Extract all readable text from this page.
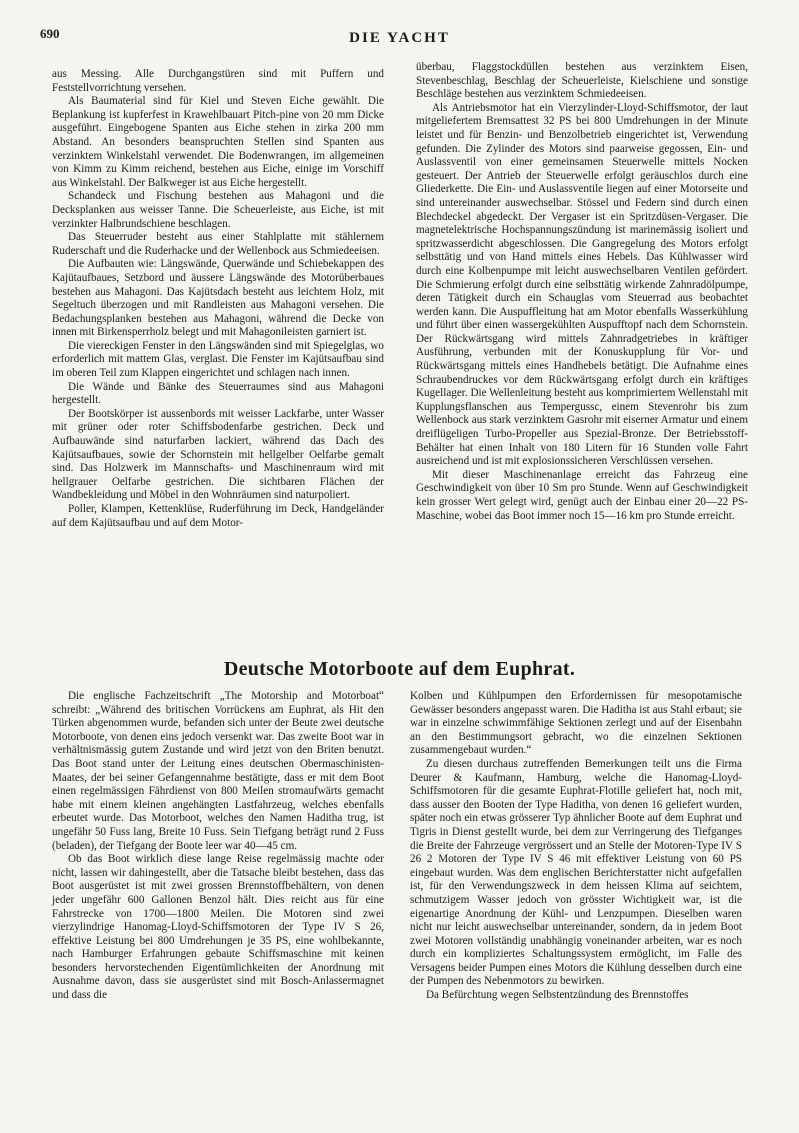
690	DIE YACHT

aus Messing. Alle Durchgangstüren sind mit Puffern und Feststellvorrichtung versehen.

Als Baumaterial sind für Kiel und Steven Eiche gewählt. Die Beplankung ist kupferfest in Krawehlbauart Pitch-pine von 20 mm Dicke ausgeführt. Eingebogene Spanten aus Eiche stehen in zirka 200 mm Abstand. An besonders beanspruchten Stellen sind Spanten aus verzinktem Winkelstahl verwendet. Die Bodenwrangen, im allgemeinen von Kimm zu Kimm reichend, bestehen aus Eiche, einige im Vorschiff aus Winkelstahl. Der Balkweger ist aus Eiche hergestellt.

Schandeck und Fischung bestehen aus Mahagoni und die Decksplanken aus weisser Tanne. Die Scheuerleiste, aus Eiche, ist mit verzinkter Halbrundschiene beschlagen.

Das Steuerruder besteht aus einer Stahlplatte mit stählernem Ruderschaft und die Ruderhacke und der Wellenbock aus Schmiedeeisen.

Die Aufbauten wie: Längswände, Querwände und Schiebekappen des Kajütaufbaues, Setzbord und äussere Längswände des Motorüberbaues bestehen aus Mahagoni. Das Kajütsdach besteht aus leichtem Holz, mit Segeltuch überzogen und mit Randleisten aus Mahagoni versehen. Die Bedachungsplanken bestehen aus Mahagoni, während die Decke von innen mit Birkensperrholz belegt und mit Mahagonileisten garniert ist.

Die viereckigen Fenster in den Längswänden sind mit Spiegelglas, wo erforderlich mit mattem Glas, verglast. Die Fenster im Kajütsaufbau sind im oberen Teil zum Klappen eingerichtet und schlagen nach innen.

Die Wände und Bänke des Steuerraumes sind aus Mahagoni hergestellt.

Der Bootskörper ist aussenbords mit weisser Lackfarbe, unter Wasser mit grüner oder roter Schiffsbodenfarbe gestrichen. Deck und Aufbauwände sind naturfarben lackiert, während das Dach des Kajütsaufbaues, sowie der Schornstein mit hellgelber Oelfarbe gemalt sind. Das Holzwerk im Mannschafts- und Maschinenraum wird mit hellgrauer Oelfarbe gestrichen. Die sichtbaren Flächen der Wandbekleidung und Möbel in den Wohnräumen sind naturpoliert.

Poller, Klampen, Kettenklüse, Ruderführung im Deck, Handgeländer auf dem Kajütsaufbau und auf dem Motor-

überbau, Flaggstockdüllen bestehen aus verzinktem Eisen, Stevenbeschlag, Beschlag der Scheuerleiste, Kielschiene und sonstige Beschläge bestehen aus verzinktem Schmiedeeisen.

Als Antriebsmotor hat ein Vierzylinder-Lloyd-Schiffsmotor, der laut mitgeliefertem Bremsattest 32 PS bei 800 Umdrehungen in der Minute leistet und für Benzin- und Benzolbetrieb eingerichtet ist, Verwendung gefunden. Die Zylinder des Motors sind paarweise gegossen, Ein- und Auslassventil von einer gemeinsamen Steuerwelle mittels Nocken gesteuert. Der Antrieb der Steuerwelle erfolgt geräuschlos durch eine Gliederkette. Die Ein- und Auslassventile liegen auf einer Motorseite und sind untereinander auswechselbar. Stössel und Federn sind durch einen Blechdeckel abgedeckt. Der Vergaser ist ein Spritzdüsen-Vergaser. Die magnetelektrische Hochspannungszündung ist marinemässig isoliert und spritzwasserdicht abgeschlossen. Die Gangregelung des Motors erfolgt selbsttätig und von Hand mittels eines Hebels. Das Kühlwasser wird durch eine Kolbenpumpe mit leicht auswechselbaren Ventilen gefördert. Die Schmierung erfolgt durch eine selbsttätig wirkende Zahnradölpumpe, deren Tätigkeit durch ein Schauglas vom Steuerrad aus beobachtet werden kann. Die Auspuffleitung hat am Motor ebenfalls Wasserkühlung und führt über einen wassergekühlten Auspufftopf nach dem Schornstein. Der Rückwärtsgang wird mittels Zahnradgetriebes in kräftiger Ausführung, verbunden mit der Konuskupplung für Vor- und Rückwärtsgang mittels eines Handhebels betätigt. Die Aufnahme eines Schraubendruckes vor dem Rückwärtsgang erfolgt durch ein kräftiges Kugellager. Die Wellenleitung besteht aus komprimiertem Wellenstahl mit Kupplungsflanschen aus Tempergussс, einem Stevenrohr bis zum Wellenbock aus stark verzinktem Gasrohr mit eiserner Armatur und einem dreiflügeligen Turbo-Propeller aus Spezial-Bronze. Der Betriebsstoff-Behälter hat einen Inhalt von 180 Litern für 16 Stunden volle Fahrt ausreichend und ist mit explosionssicheren Verschlüssen versehen.

Mit dieser Maschinenanlage erreicht das Fahrzeug eine Geschwindigkeit von über 10 Sm pro Stunde. Wenn auf Geschwindigkeit kein grosser Wert gelegt wird, genügt auch der Einbau einer 20—22 PS-Maschine, wobei das Boot immer noch 15—16 km pro Stunde erreicht.

Deutsche Motorboote auf dem Euphrat.

Die englische Fachzeitschrift „The Motorship and Motorboat“ schreibt: „Während des britischen Vorrückens am Euphrat, als Hit den Türken abgenommen wurde, befanden sich unter der Beute zwei deutsche Motorboote, von denen eins jedoch versenkt war. Das zweite Boot war in verhältnismässig gutem Zustande und wird jetzt von den Briten benutzt. Das Boot stand unter der Leitung eines deutschen Obermaschinisten-Maates, der bei seiner Gefangennahme bestätigte, dass er mit dem Boot einen regelmässigen Fährdienst von 800 Meilen stromaufwärts gemacht habe mit einem kleinen angehängten Lastfahrzeug, welches ebenfalls erbeutet wurde. Das Motorboot, welches den Namen Haditha trug, ist ungefähr 50 Fuss lang, Breite 10 Fuss. Sein Tiefgang beträgt rund 2 Fuss (beladen), der Tiefgang der Boote leer war 40—45 cm.

Ob das Boot wirklich diese lange Reise regelmässig machte oder nicht, lassen wir dahingestellt, aber die Tatsache bleibt bestehen, dass das Boot ausgerüstet ist mit zwei grossen Brennstoffbehältern, von denen jeder ungefähr 600 Gallonen Benzol hält. Dies reicht aus für eine Fahrstrecke von 1700—1800 Meilen. Die Motoren sind zwei vierzylindrige Hanomag-Lloyd-Schiffsmotoren der Type IV S 26, effektive Leistung bei 800 Umdrehungen je 35 PS, eine wohlbekannte, nach Hamburger Erfahrungen gebaute Schiffsmaschine mit keinen besonders hervorstechenden Eigentümlichkeiten der Anordnung mit Ausnahme davon, dass sie ausgerüstet sind mit Bosch-Anlassermagnet und dass die

Kolben und Kühlpumpen den Erfordernissen für mesopotamische Gewässer besonders angepasst waren. Die Haditha ist aus Stahl erbaut; sie war in einzelne schwimmfähige Sektionen zerlegt und auf der Eisenbahn an den Bestimmungsort gebracht, wo die einzelnen Sektionen zusammengebaut wurden.“

Zu diesen durchaus zutreffenden Bemerkungen teilt uns die Firma Deurer & Kaufmann, Hamburg, welche die Hanomag-Lloyd-Schiffsmotoren für die gesamte Euphrat-Flotille geliefert hat, noch mit, dass ausser den Booten der Type Haditha, von denen 16 geliefert wurden, später noch ein etwas grösserer Typ ähnlicher Boote auf dem Euphrat und Tigris in Dienst gestellt wurde, bei dem zur Verringerung des Tiefganges die Breite der Fahrzeuge vergrössert und an Stelle der Motoren-Type IV S 26 2 Motoren der Type IV S 46 mit effektiver Leistung von 60 PS eingebaut wurden. Was dem englischen Berichterstatter nicht aufgefallen ist, für den Verwendungszweck in dem heissen Klima auf seichtem, schmutzigem Wasser jedoch von grösster Wichtigkeit war, ist die eigenartige Anordnung der Kühl- und Lenzpumpen. Dieselben waren nicht nur leicht auswechselbar untereinander, sondern, da in jedem Boot zwei Motoren vollständig unabhängig voneinander arbeiten, war es noch durch ein kompliziertes Schaltungssystem ermöglicht, im Falle des Versagens beider Pumpen eines Motors die Kühlung desselben durch eine der Pumpen des Nebenmotors zu bewirken.

Da Befürchtung wegen Selbstentzündung des Brennstoffes
